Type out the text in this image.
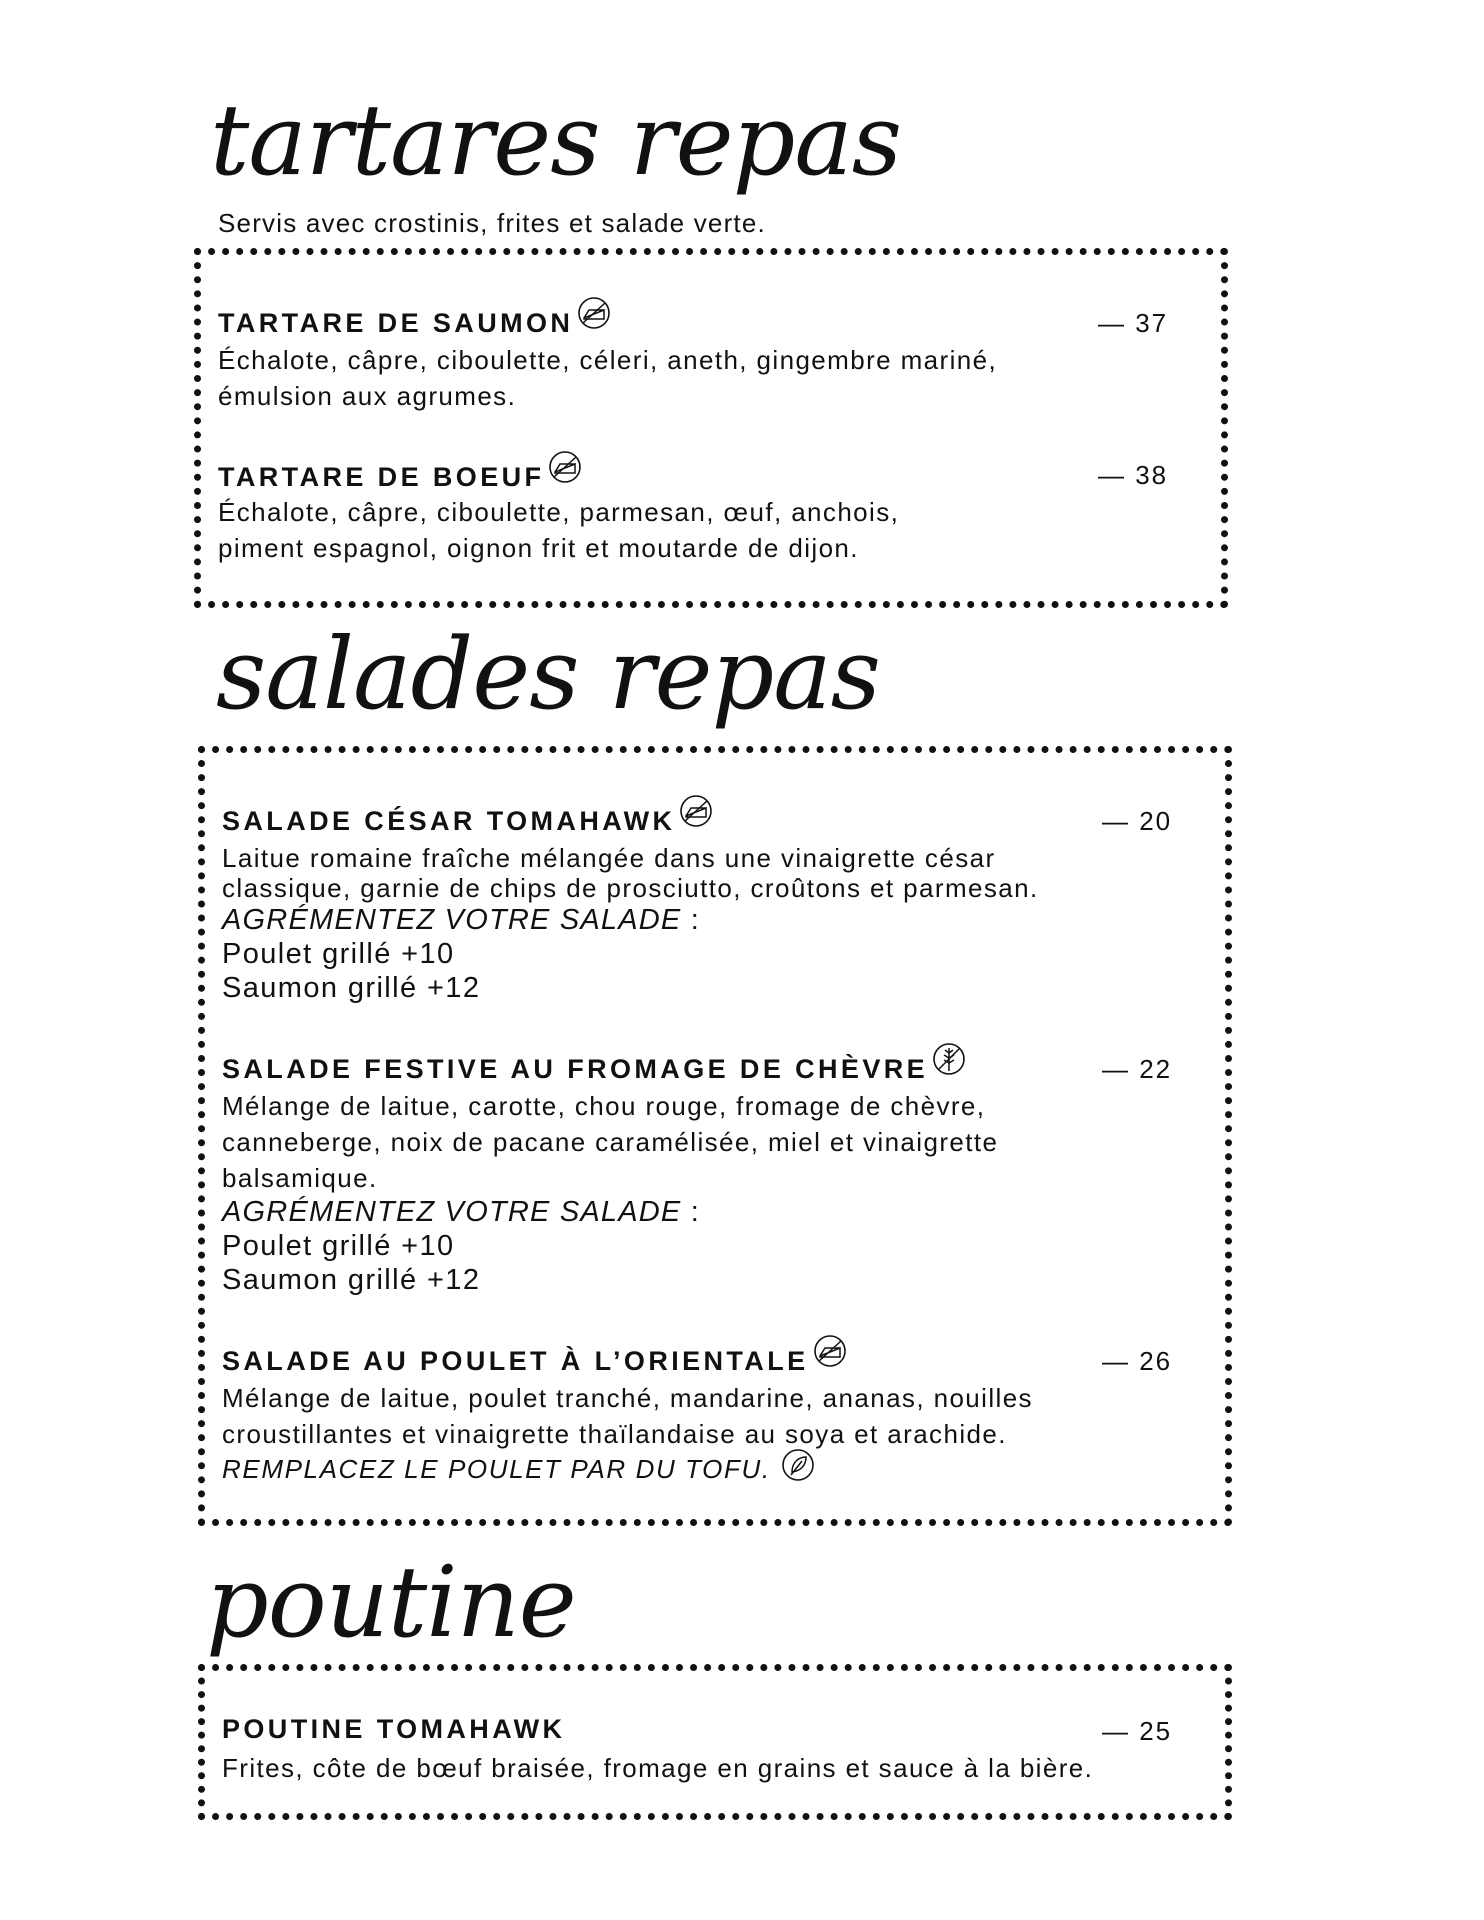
tartares repas

Servis avec crostinis, frites et salade verte.

TARTARE DE SAUMON	— 37

Échalote, câpre, ciboulette, céleri, aneth, gingembre mariné,

émulsion aux agrumes.

TARTARE DE BOEUF	— 38

Échalote, câpre, ciboulette, parmesan, œuf, anchois,

piment espagnol, oignon frit et moutarde de dijon.

salades repas
SALADE CÉSAR TOMAHAWK	— 20

Laitue romaine fraîche mélangée dans une vinaigrette césar

classique, garnie de chips de prosciutto, croûtons et parmesan.

AGRÉMENTEZ VOTRE SALADE :

Poulet grillé +10

Saumon grillé +12

SALADE FESTIVE AU FROMAGE DE CHÈVRE	— 22

Mélange de laitue, carotte, chou rouge, fromage de chèvre,

canneberge, noix de pacane caramélisée, miel et vinaigrette

balsamique.

AGRÉMENTEZ VOTRE SALADE :

Poulet grillé +10

Saumon grillé +12

SALADE AU POULET À L’ORIENTALE	— 26

Mélange de laitue, poulet tranché, mandarine, ananas, nouilles

croustillantes et vinaigrette thaïlandaise au soya et arachide.

REMPLACEZ LE POULET PAR DU TOFU.
poutine
POUTINE TOMAHAWK	— 25

Frites, côte de bœuf braisée, fromage en grains et sauce à la bière.
